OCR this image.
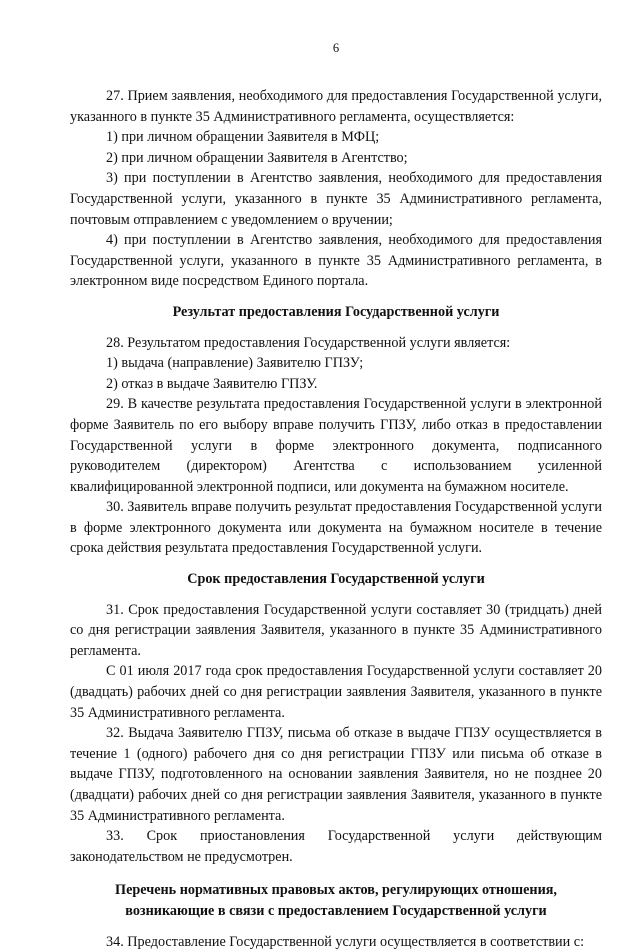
6

27. Прием заявления, необходимого для предоставления Государственной услуги, указанного в пункте 35 Административного регламента, осуществляется:

1) при личном обращении Заявителя в МФЦ;

2) при личном обращении Заявителя в Агентство;

3) при поступлении в Агентство заявления, необходимого для предоставления Государственной услуги, указанного в пункте 35 Административного регламента, почтовым отправлением с уведомлением о вручении;

4) при поступлении в Агентство заявления, необходимого для предоставления Государственной услуги, указанного в пункте 35 Административного регламента, в электронном виде посредством Единого портала.

Результат предоставления Государственной услуги

28. Результатом предоставления Государственной услуги является:

1) выдача (направление) Заявителю ГПЗУ;

2) отказ в выдаче Заявителю ГПЗУ.

29. В качестве результата предоставления Государственной услуги в электронной форме Заявитель по его выбору вправе получить ГПЗУ, либо отказ в предоставлении Государственной услуги в форме электронного документа, подписанного руководителем (директором) Агентства с использованием усиленной квалифицированной электронной подписи, или документа на бумажном носителе.

30. Заявитель вправе получить результат предоставления Государственной услуги в форме электронного документа или документа на бумажном носителе в течение срока действия результата предоставления Государственной услуги.

Срок предоставления Государственной услуги

31. Срок предоставления Государственной услуги составляет 30 (тридцать) дней со дня регистрации заявления Заявителя, указанного в пункте 35 Административного регламента.

С 01 июля 2017 года срок предоставления Государственной услуги составляет 20 (двадцать) рабочих дней со дня регистрации заявления Заявителя, указанного в пункте 35 Административного регламента.

32. Выдача Заявителю ГПЗУ, письма об отказе в выдаче ГПЗУ осуществляется в течение 1 (одного) рабочего дня со дня регистрации ГПЗУ или письма об отказе в выдаче ГПЗУ, подготовленного на основании заявления Заявителя, но не позднее 20 (двадцати) рабочих дней со дня регистрации заявления Заявителя, указанного в пункте 35 Административного регламента.

33. Срок приостановления Государственной услуги действующим законодательством не предусмотрен.

Перечень нормативных правовых актов, регулирующих отношения, возникающие в связи с предоставлением Государственной услуги

34. Предоставление Государственной услуги осуществляется в соответствии с:
